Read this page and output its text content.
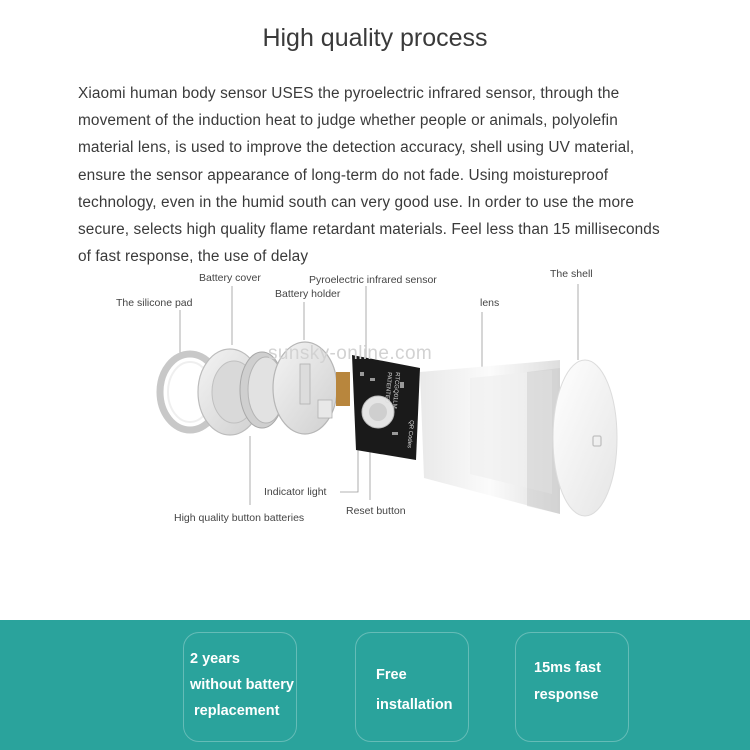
High quality process
Xiaomi human body sensor USES the pyroelectric infrared sensor, through the
movement of the induction heat to judge whether people or animals, polyolefin
material lens, is used to improve the detection accuracy, shell using UV material,
ensure the sensor appearance of long-term do not fade. Using moistureproof
technology, even in the humid south can very good use. In order to use the more
secure, selects high quality flame retardant materials. Feel less than 15 milliseconds
of fast response, the use of delay
RTCGQ01LM
PATENTED
QR Codes
The silicone pad
Battery cover
Battery holder
Pyroelectric infrared sensor
lens
The shell
Indicator light
Reset button
High quality button batteries
sunsky-online.com
2 years
without battery
replacement
Free
installation
15ms fast
response
